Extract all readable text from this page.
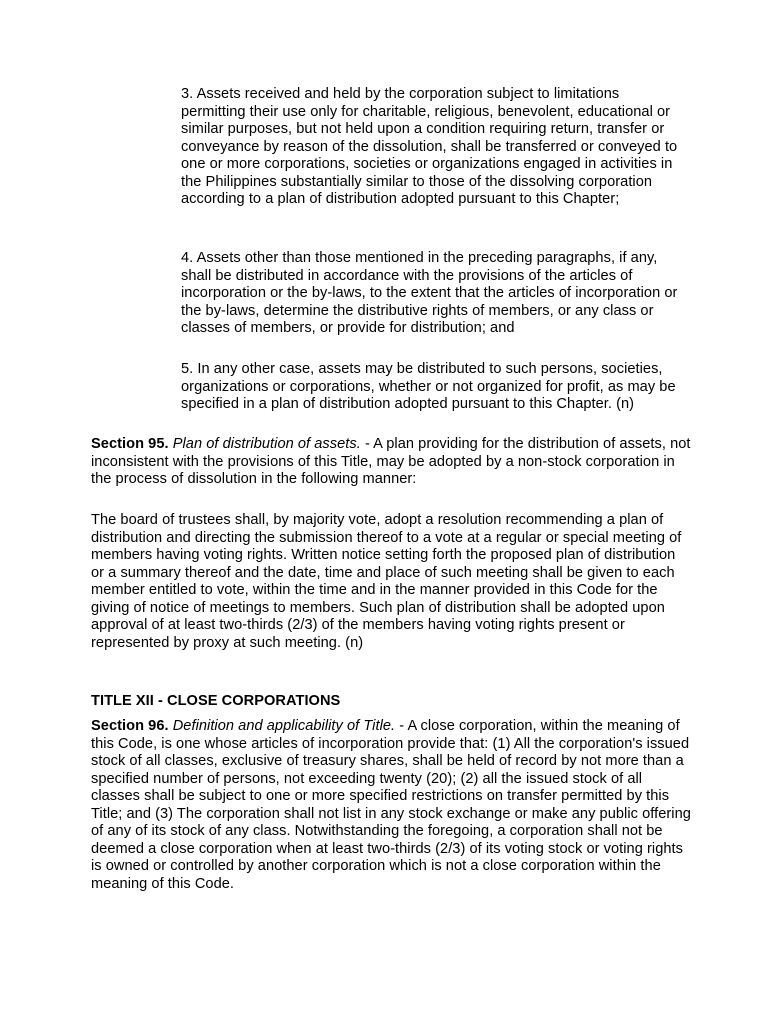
3. Assets received and held by the corporation subject to limitations permitting their use only for charitable, religious, benevolent, educational or similar purposes, but not held upon a condition requiring return, transfer or conveyance by reason of the dissolution, shall be transferred or conveyed to one or more corporations, societies or organizations engaged in activities in the Philippines substantially similar to those of the dissolving corporation according to a plan of distribution adopted pursuant to this Chapter;

4. Assets other than those mentioned in the preceding paragraphs, if any, shall be distributed in accordance with the provisions of the articles of incorporation or the by-laws, to the extent that the articles of incorporation or the by-laws, determine the distributive rights of members, or any class or classes of members, or provide for distribution; and

5. In any other case, assets may be distributed to such persons, societies, organizations or corporations, whether or not organized for profit, as may be specified in a plan of distribution adopted pursuant to this Chapter. (n)

Section 95. Plan of distribution of assets. - A plan providing for the distribution of assets, not inconsistent with the provisions of this Title, may be adopted by a non-stock corporation in the process of dissolution in the following manner:

The board of trustees shall, by majority vote, adopt a resolution recommending a plan of distribution and directing the submission thereof to a vote at a regular or special meeting of members having voting rights. Written notice setting forth the proposed plan of distribution or a summary thereof and the date, time and place of such meeting shall be given to each member entitled to vote, within the time and in the manner provided in this Code for the giving of notice of meetings to members. Such plan of distribution shall be adopted upon approval of at least two-thirds (2/3) of the members having voting rights present or represented by proxy at such meeting. (n)

TITLE XII - CLOSE CORPORATIONS

Section 96. Definition and applicability of Title. - A close corporation, within the meaning of this Code, is one whose articles of incorporation provide that: (1) All the corporation's issued stock of all classes, exclusive of treasury shares, shall be held of record by not more than a specified number of persons, not exceeding twenty (20); (2) all the issued stock of all classes shall be subject to one or more specified restrictions on transfer permitted by this Title; and (3) The corporation shall not list in any stock exchange or make any public offering of any of its stock of any class. Notwithstanding the foregoing, a corporation shall not be deemed a close corporation when at least two-thirds (2/3) of its voting stock or voting rights is owned or controlled by another corporation which is not a close corporation within the meaning of this Code.
